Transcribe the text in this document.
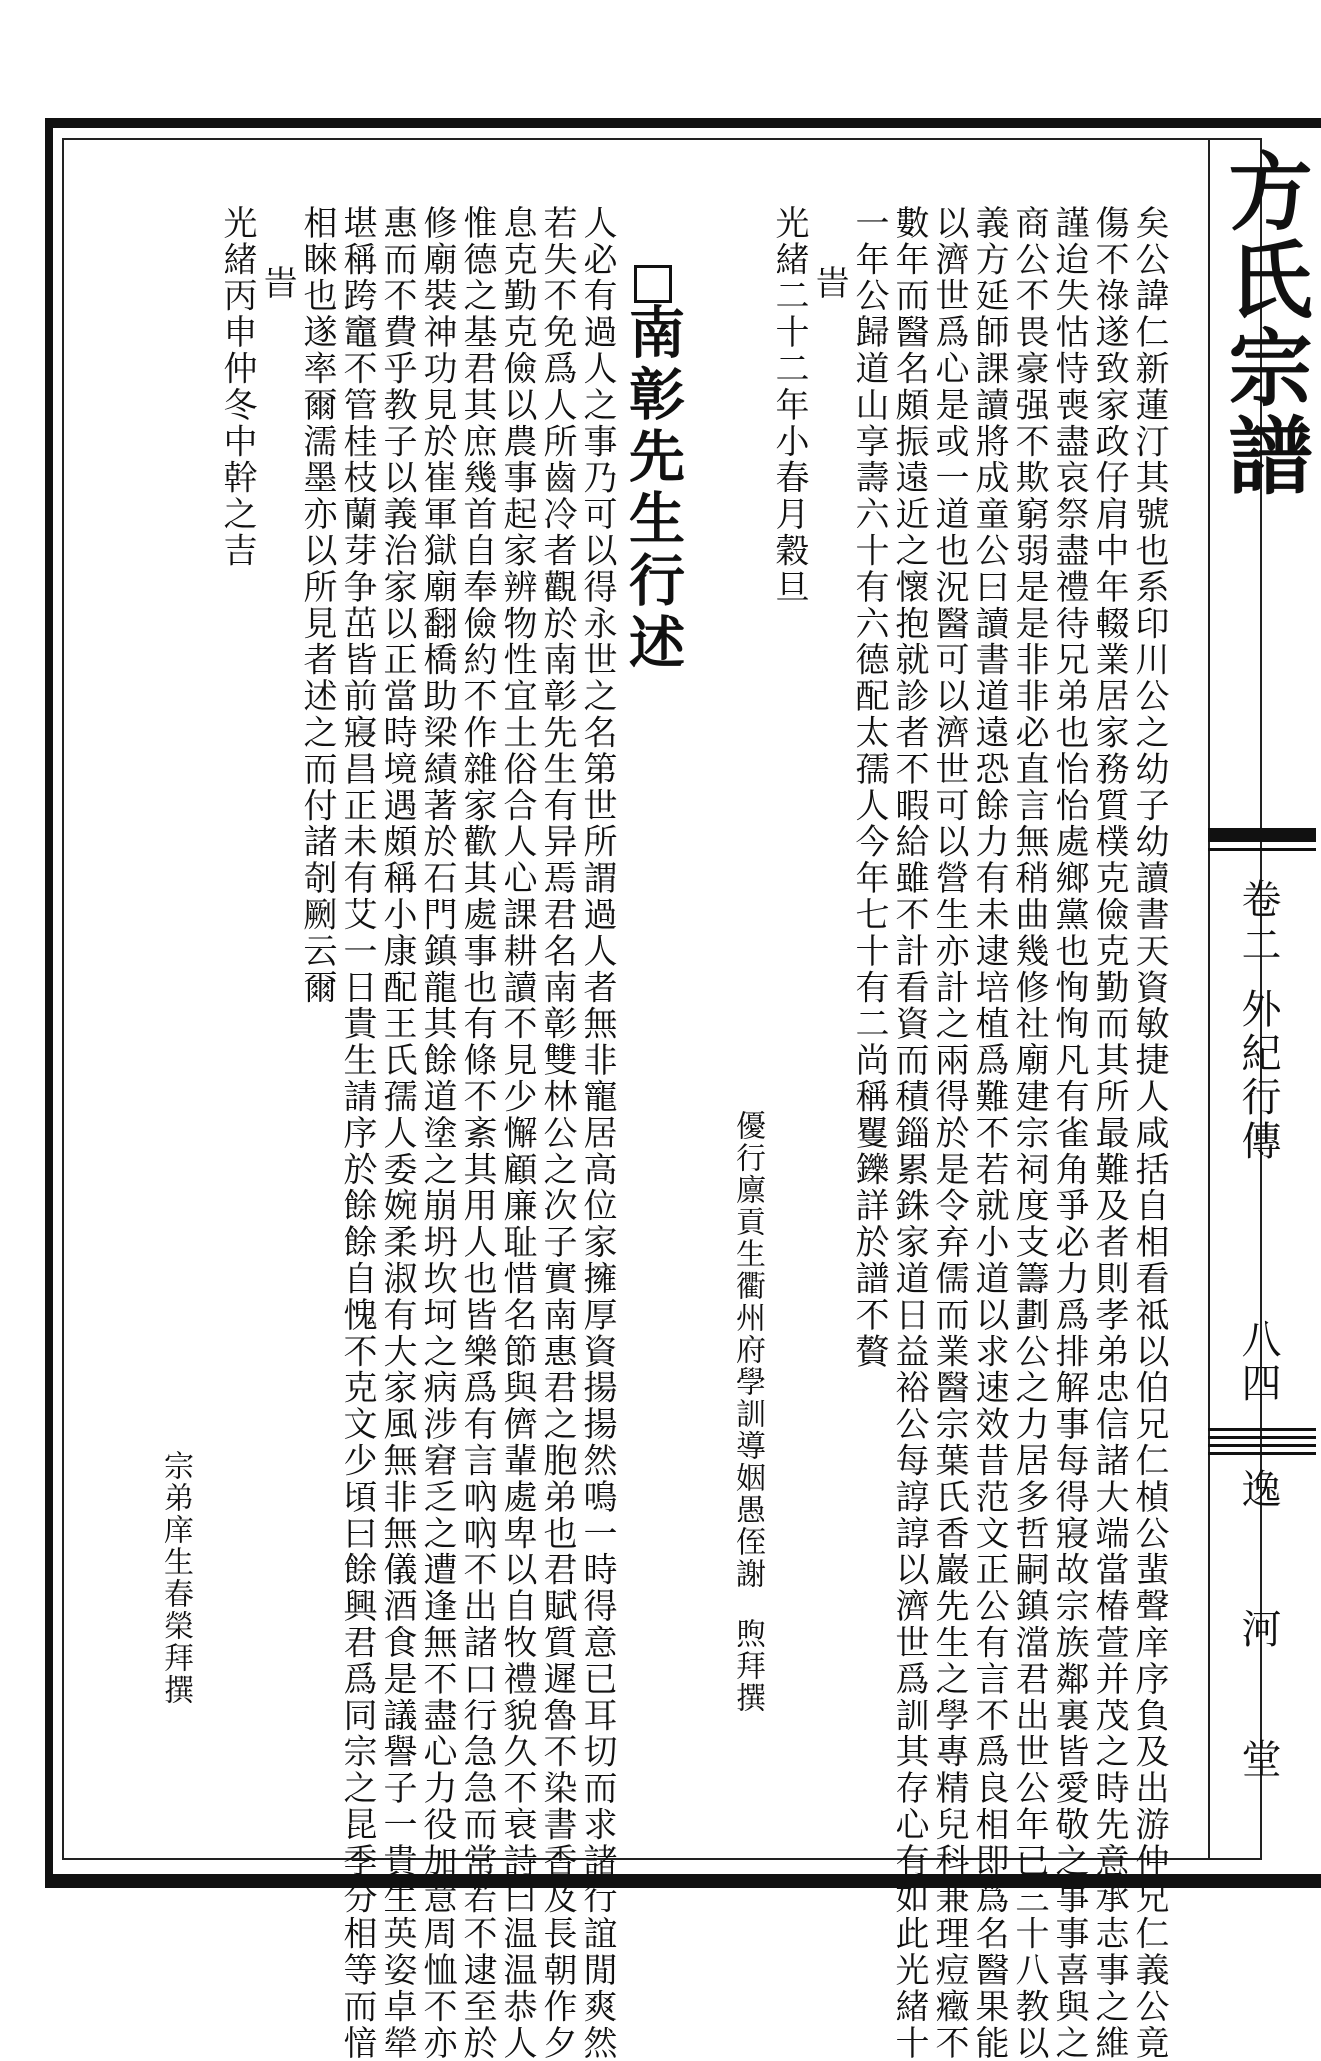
方氏宗譜
卷二
外紀行傳
八四
逸
河
堂
矣公諱仁新蓮汀其號也系印川公之幼子幼讀書天資敏捷人咸括自相看祗以伯兄仁楨公蜚聲庠序負及出游仲兄仁義公竟
傷不祿遂致家政仔肩中年輟業居家務質樸克儉克勤而其所最難及者則孝弟忠信諸大端當椿萱并茂之時先意承志事之維
謹迨失怙恃喪盡哀祭盡禮待兄弟也怡怡處鄉黨也恂恂凡有雀角爭必力爲排解事每得寢故宗族鄰裏皆愛敬之事事喜與之
商公不畏豪强不欺窮弱是是非非必直言無稍曲幾修社廟建宗祠度支籌劃公之力居多哲嗣鎮澢君出世公年已三十八教以
義方延師課讀將成童公曰讀書道遠恐餘力有未逮培植爲難不若就小道以求速效昔范文正公有言不爲良相即爲名醫果能
以濟世爲心是或一道也況醫可以濟世可以營生亦計之兩得於是令弃儒而業醫宗葉氏香巖先生之學專精兒科兼理痘癥不
數年而醫名頗振遠近之懷抱就診者不暇給雖不計看資而積錙累銖家道日益裕公每諄諄以濟世爲訓其存心有如此光緒十
一年公歸道山享壽六十有六德配太孺人今年七十有二尚稱矍鑠詳於譜不贅
旹
光緒二十二年小春月穀旦
優行廪貢生衢州府學訓導姻愚侄謝煦拜撰
南彰先生行述
人必有過人之事乃可以得永世之名第世所謂過人者無非寵居高位家擁厚資揚揚然鳴一時得意已耳切而求諸行誼閒爽然
若失不免爲人所齒冷者觀於南彰先生有异焉君名南彰雙林公之次子實南惠君之胞弟也君賦質遲魯不染書香及長朝作夕
息克勤克儉以農事起家辨物性宜土俗合人心課耕讀不見少懈顧廉耻惜名節與儕輩處卑以自牧禮貌久不衰詩曰温温恭人
惟德之基君其庶幾首自奉儉約不作雜家歡其處事也有條不紊其用人也皆樂爲有言吶吶不出諸口行急急而常若不逮至於
修廟裝神功見於崔軍獄廟翻橋助梁績著於石門鎮龍其餘道塗之崩坍坎坷之病涉窘乏之遭逢無不盡心力役加意周恤不亦
惠而不費乎教子以義治家以正當時境遇頗稱小康配王氏孺人委婉柔淑有大家風無非無儀酒食是議譽子一貴生英姿卓犖
堪稱跨竈不管桂枝蘭芽争茁皆前寢昌正未有艾一日貴生請序於餘餘自愧不克文少頃曰餘興君爲同宗之昆季分相等而愔
相睞也遂率爾濡墨亦以所見者述之而付諸剞劂云爾
旹
光緒丙申仲冬中幹之吉
宗弟庠生春榮拜撰
